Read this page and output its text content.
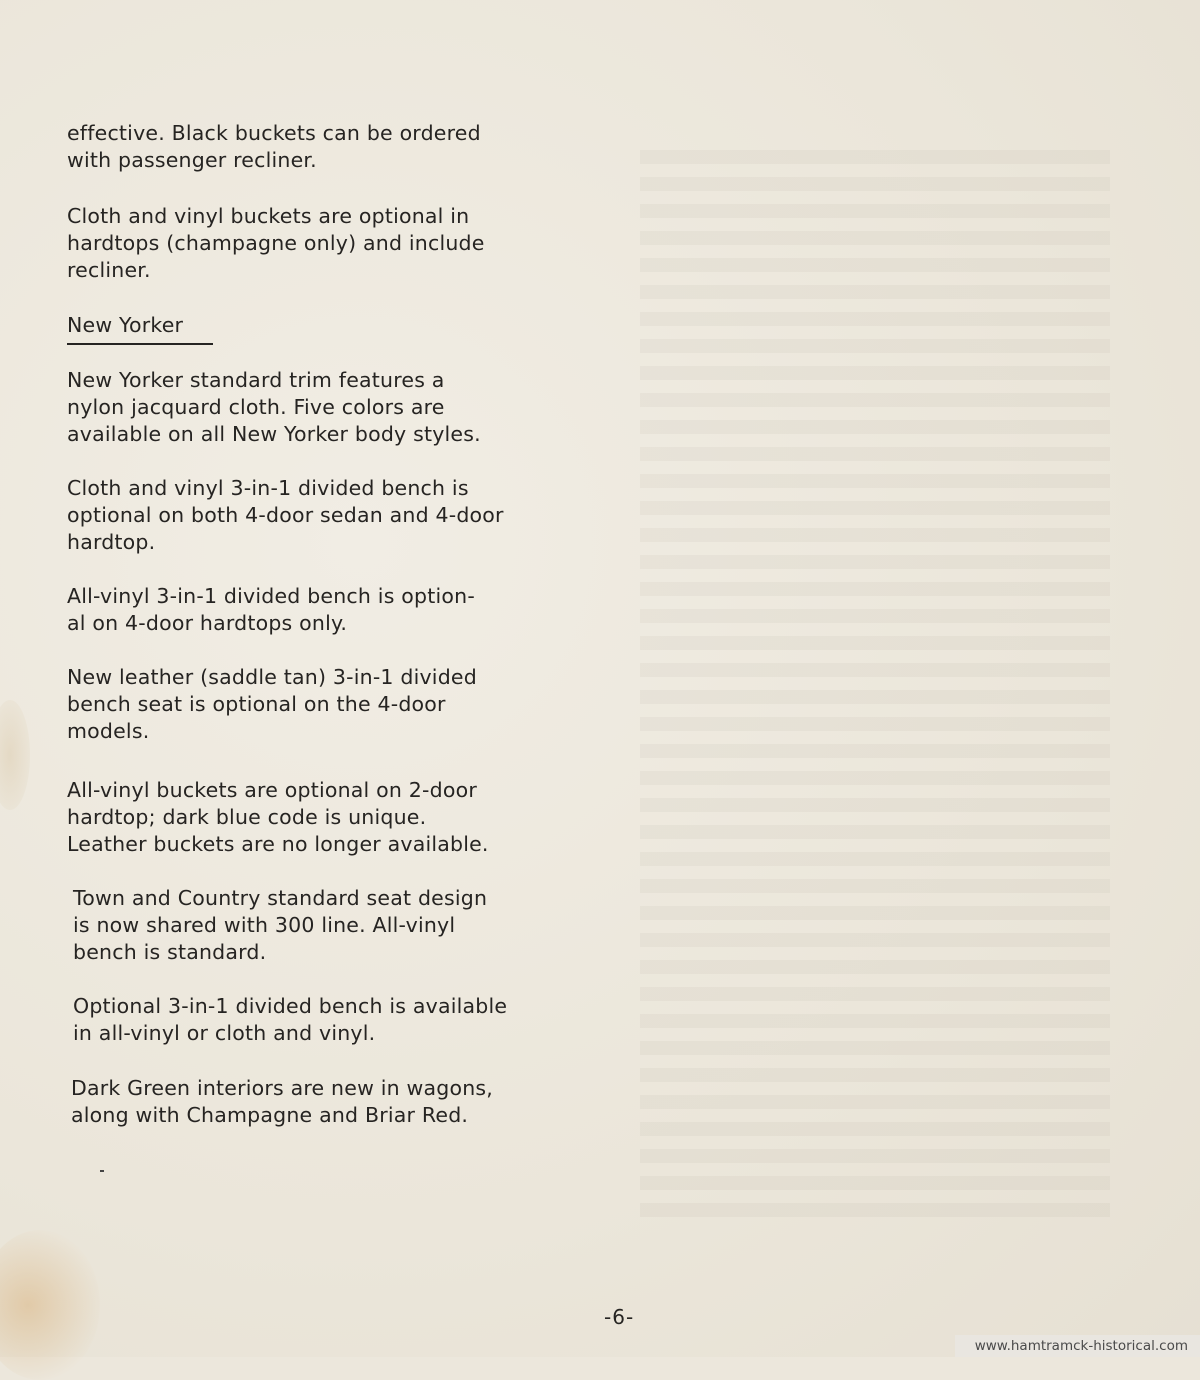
effective. Black buckets can be ordered
with passenger recliner.
Cloth and vinyl buckets are optional in
hardtops (champagne only) and include
recliner.
New Yorker
New Yorker standard trim features a
nylon jacquard cloth. Five colors are
available on all New Yorker body styles.
Cloth and vinyl 3-in-1 divided bench is
optional on both 4-door sedan and 4-door
hardtop.
All-vinyl 3-in-1 divided bench is option-
al on 4-door hardtops only.
New leather (saddle tan) 3-in-1 divided
bench seat is optional on the 4-door
models.
All-vinyl buckets are optional on 2-door
hardtop; dark blue code is unique.
Leather buckets are no longer available.
Town and Country standard seat design
is now shared with 300 line. All-vinyl
bench is standard.
Optional 3-in-1 divided bench is available
in all-vinyl or cloth and vinyl.
Dark Green interiors are new in wagons,
along with Champagne and Briar Red.
-6-
www.hamtramck-historical.com
